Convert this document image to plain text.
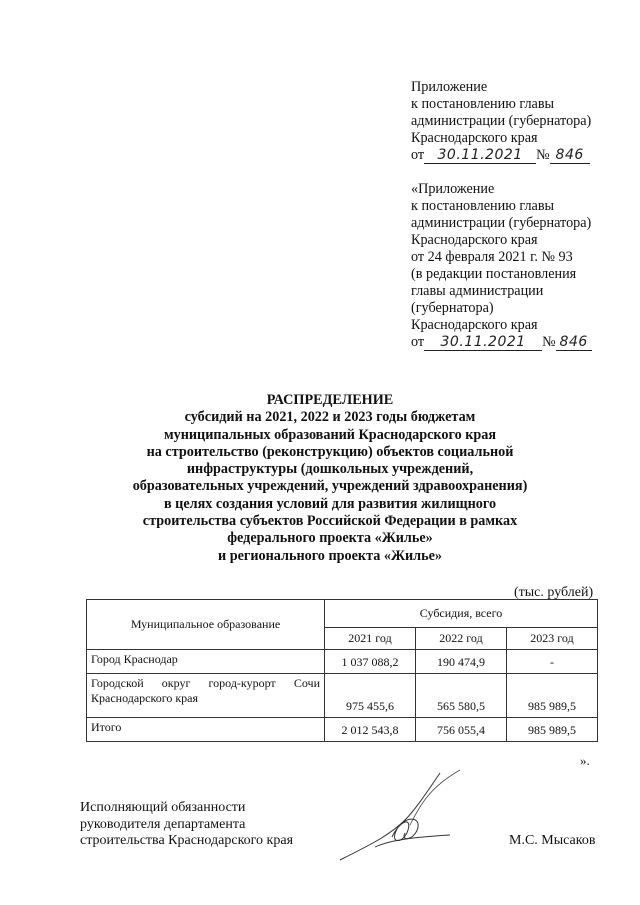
Приложение
к постановлению главы
администрации (губернатора)
Краснодарского края
от 30.11.2021 № 846
«Приложение
к постановлению главы
администрации (губернатора)
Краснодарского края
от 24 февраля 2021 г. № 93
(в редакции постановления
главы администрации
(губернатора)
Краснодарского края
от 30.11.2021 № 846
РАСПРЕДЕЛЕНИЕ
субсидий на 2021, 2022 и 2023 годы бюджетам
муниципальных образований Краснодарского края
на строительство (реконструкцию) объектов социальной
инфраструктуры (дошкольных учреждений,
образовательных учреждений, учреждений здравоохранения)
в целях создания условий для развития жилищного
строительства субъектов Российской Федерации в рамках
федерального проекта «Жилье»
и регионального проекта «Жилье»
(тыс. рублей)
Муниципальное образование	Субсидия, всего		
	2021 год	2022 год	2023 год
Город Краснодар	1 037 088,2	190 474,9	-

Городской округ город-курорт Сочи
Краснодарского края	975 455,6	565 580,5	985 989,5
Итого	2 012 543,8	756 055,4	985 989,5
».
Исполняющий обязанности
руководителя департамента
строительства Краснодарского края	М.С. Мысаков
